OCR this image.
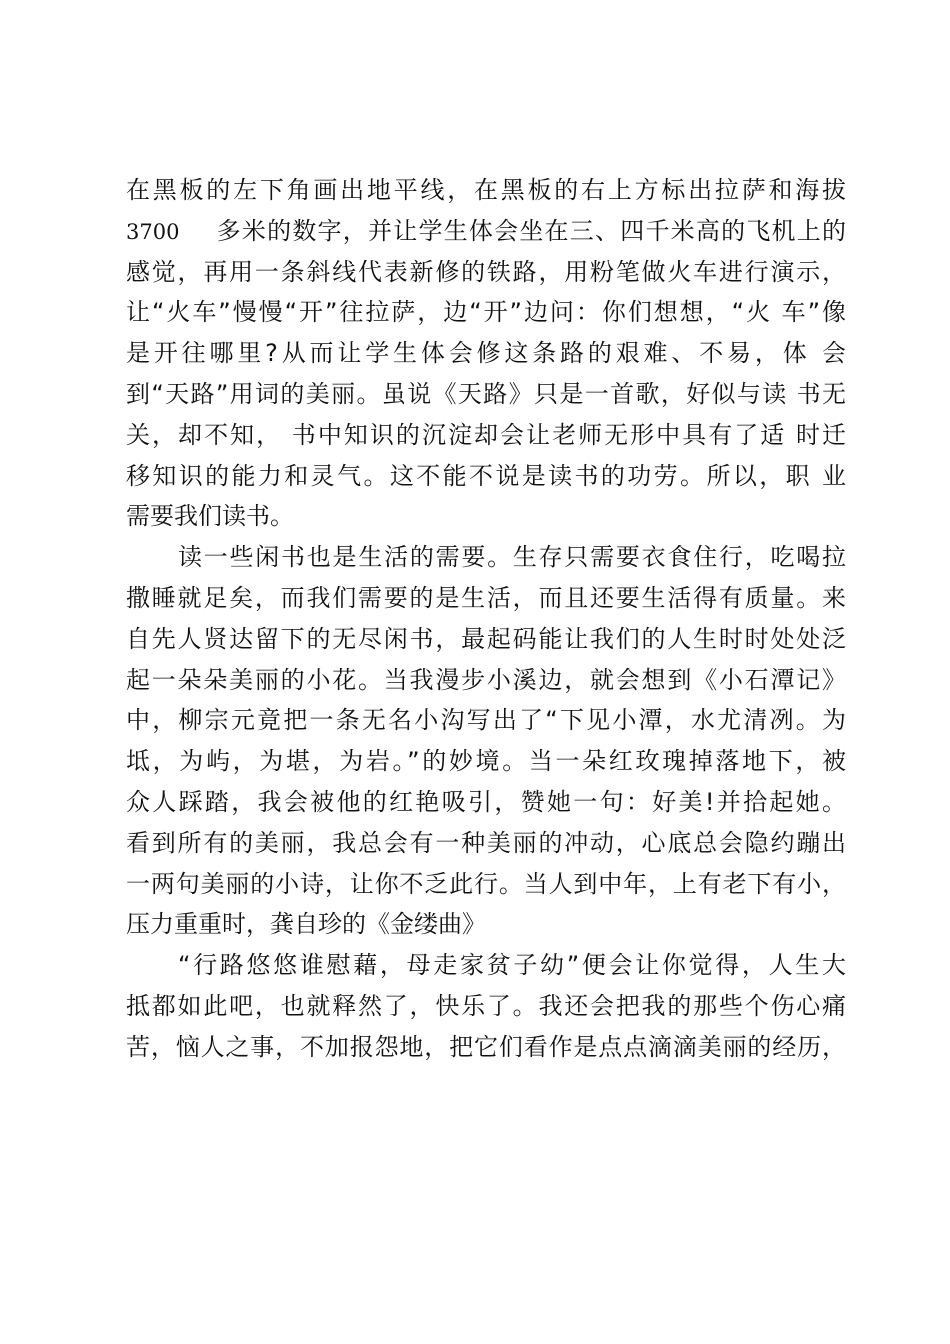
在黑板的左下角画出地平线，在黑板的右上方标出拉萨和海拔
3700 多米的数字，并让学生体会坐在三、四千米高的飞机上的
感觉，再用一条斜线代表新修的铁路，用粉笔做火车进行演示，
让“火车”慢慢“开”往拉萨，边“开”边问：你们想想，“火 车”像
是开往哪里?从而让学生体会修这条路的艰难、不易，体 会
到“天路”用词的美丽。虽说《天路》只是一首歌，好似与读 书无
关，却不知， 书中知识的沉淀却会让老师无形中具有了适 时迁
移知识的能力和灵气。这不能不说是读书的功劳。所以，职 业
需要我们读书。
读一些闲书也是生活的需要。生存只需要衣食住行，吃喝拉
撒睡就足矣，而我们需要的是生活，而且还要生活得有质量。来
自先人贤达留下的无尽闲书，最起码能让我们的人生时时处处泛
起一朵朵美丽的小花。当我漫步小溪边，就会想到《小石潭记》
中，柳宗元竟把一条无名小沟写出了“下见小潭，水尤清冽。为
坻，为屿，为堪，为岩。”的妙境。当一朵红玫瑰掉落地下，被
众人踩踏，我会被他的红艳吸引，赞她一句：好美!并拾起她。
看到所有的美丽，我总会有一种美丽的冲动，心底总会隐约蹦出
一两句美丽的小诗，让你不乏此行。当人到中年，上有老下有小，
压力重重时，龚自珍的《金缕曲》
“行路悠悠谁慰藉，母走家贫子幼”便会让你觉得，人生大
抵都如此吧，也就释然了，快乐了。我还会把我的那些个伤心痛
苦，恼人之事，不加报怨地，把它们看作是点点滴滴美丽的经历，
